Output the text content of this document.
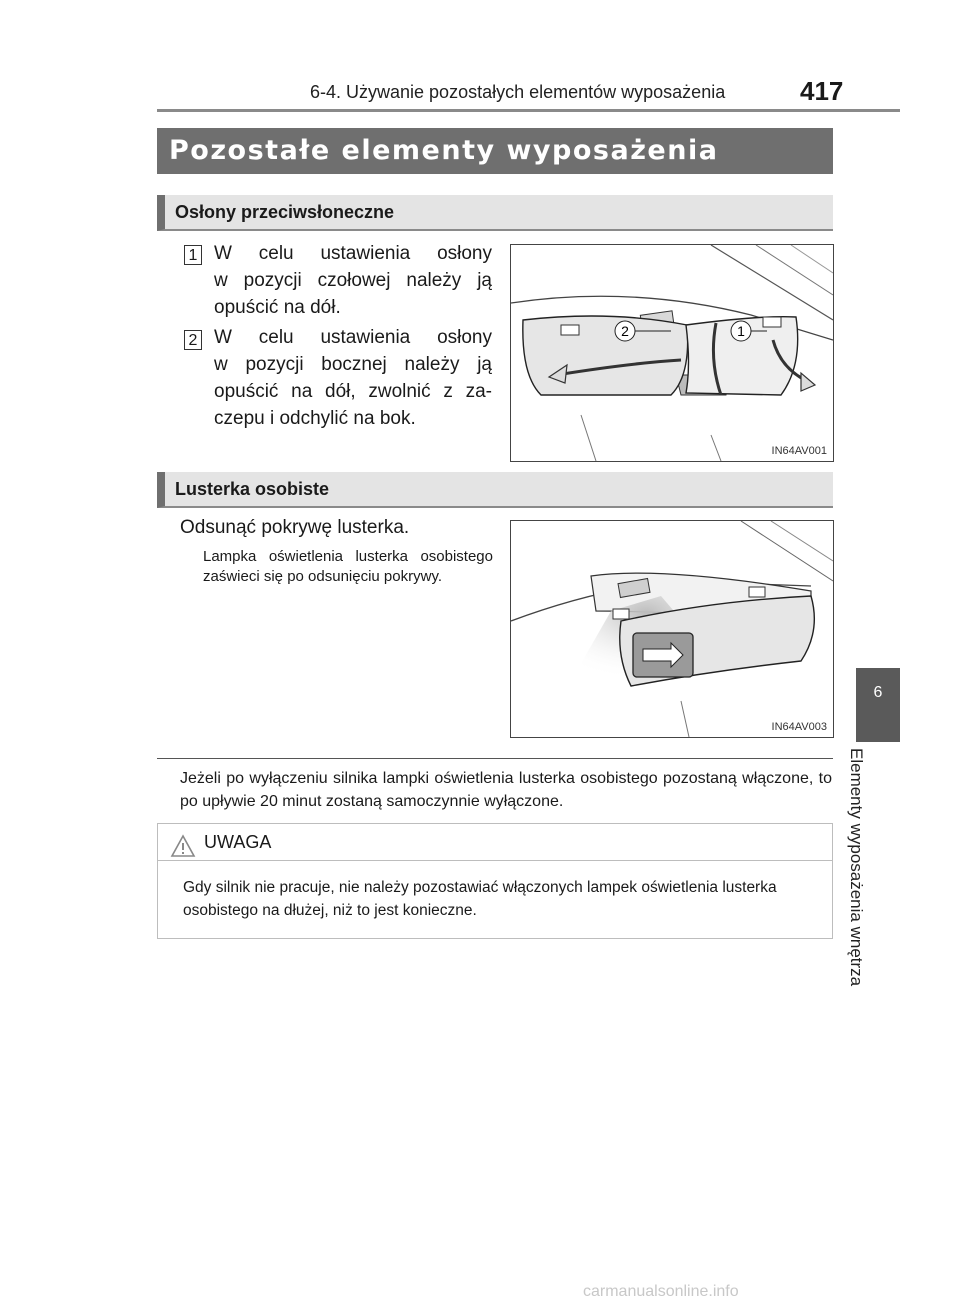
6-4. Używanie pozostałych elementów wyposażenia	417
6
Elementy wyposażenia wnętrza
Pozostałe elementy wyposażenia
Osłony przeciwsłoneczne
1 W celu ustawienia osłony
w pozycji czołowej należy ją
opuścić na dół.
2 W celu ustawienia osłony
w pozycji bocznej należy ją
opuścić na dół, zwolnić z za-
czepu i odchylić na bok.
2	1
IN64AV001
Lusterka osobiste
Odsunąć pokrywę lusterka.
Lampka oświetlenia lusterka osobistego zaświeci się po odsunięciu pokrywy.
IN64AV003
Jeżeli po wyłączeniu silnika lampki oświetlenia lusterka osobistego pozostaną włączone, to po upływie 20 minut zostaną samoczynnie wyłączone.
UWAGA
Gdy silnik nie pracuje, nie należy pozostawiać włączonych lampek oświetlenia lusterka osobistego na dłużej, niż to jest konieczne.
carmanualsonline.info
